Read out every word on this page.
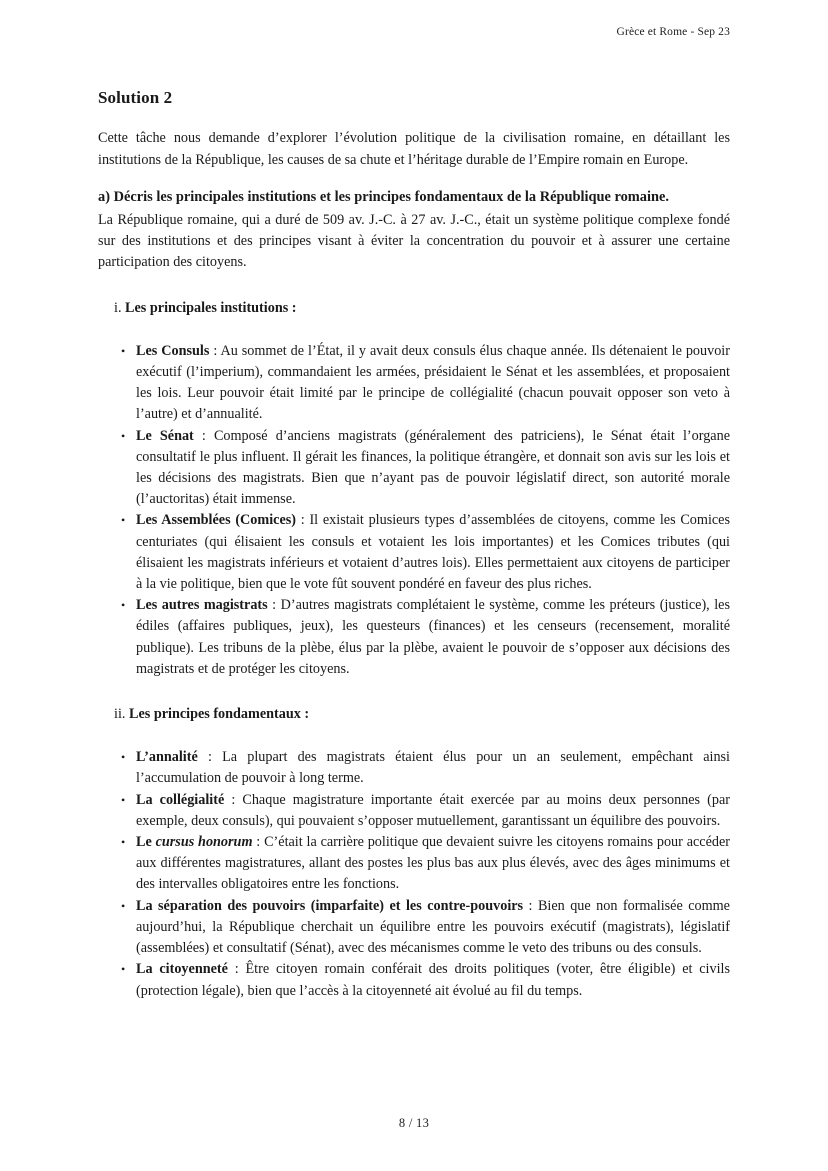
Grèce et Rome - Sep 23
Solution 2

Cette tâche nous demande d’explorer l’évolution politique de la civilisation romaine, en détaillant les institutions de la République, les causes de sa chute et l’héritage durable de l’Empire romain en Europe.

a) Décris les principales institutions et les principes fondamentaux de la République romaine.

La République romaine, qui a duré de 509 av. J.-C. à 27 av. J.-C., était un système politique complexe fondé sur des institutions et des principes visant à éviter la concentration du pouvoir et à assurer une certaine participation des citoyens.

i. Les principales institutions :
• Les Consuls : Au sommet de l’État, il y avait deux consuls élus chaque année. Ils détenaient le pouvoir exécutif (l’imperium), commandaient les armées, présidaient le Sénat et les assemblées, et proposaient les lois. Leur pouvoir était limité par le principe de collégialité (chacun pouvait opposer son veto à l’autre) et d’annualité.
• Le Sénat : Composé d’anciens magistrats (généralement des patriciens), le Sénat était l’organe consultatif le plus influent. Il gérait les finances, la politique étrangère, et donnait son avis sur les lois et les décisions des magistrats. Bien que n’ayant pas de pouvoir législatif direct, son autorité morale (l’auctoritas) était immense.
• Les Assemblées (Comices) : Il existait plusieurs types d’assemblées de citoyens, comme les Comices centuriates (qui élisaient les consuls et votaient les lois importantes) et les Comices tributes (qui élisaient les magistrats inférieurs et votaient d’autres lois). Elles permettaient aux citoyens de participer à la vie politique, bien que le vote fût souvent pondéré en faveur des plus riches.
• Les autres magistrats : D’autres magistrats complétaient le système, comme les préteurs (justice), les édiles (affaires publiques, jeux), les questeurs (finances) et les censeurs (recensement, moralité publique). Les tribuns de la plèbe, élus par la plèbe, avaient le pouvoir de s’opposer aux décisions des magistrats et de protéger les citoyens.
ii. Les principes fondamentaux :
• L’annalité : La plupart des magistrats étaient élus pour un an seulement, empêchant ainsi l’accumulation de pouvoir à long terme.
• La collégialité : Chaque magistrature importante était exercée par au moins deux personnes (par exemple, deux consuls), qui pouvaient s’opposer mutuellement, garantissant un équilibre des pouvoirs.
• Le cursus honorum : C’était la carrière politique que devaient suivre les citoyens romains pour accéder aux différentes magistratures, allant des postes les plus bas aux plus élevés, avec des âges minimums et des intervalles obligatoires entre les fonctions.
• La séparation des pouvoirs (imparfaite) et les contre-pouvoirs : Bien que non formalisée comme aujourd’hui, la République cherchait un équilibre entre les pouvoirs exécutif (magistrats), législatif (assemblées) et consultatif (Sénat), avec des mécanismes comme le veto des tribuns ou des consuls.
• La citoyenneté : Être citoyen romain conférait des droits politiques (voter, être éligible) et civils (protection légale), bien que l’accès à la citoyenneté ait évolué au fil du temps.
8 / 13
